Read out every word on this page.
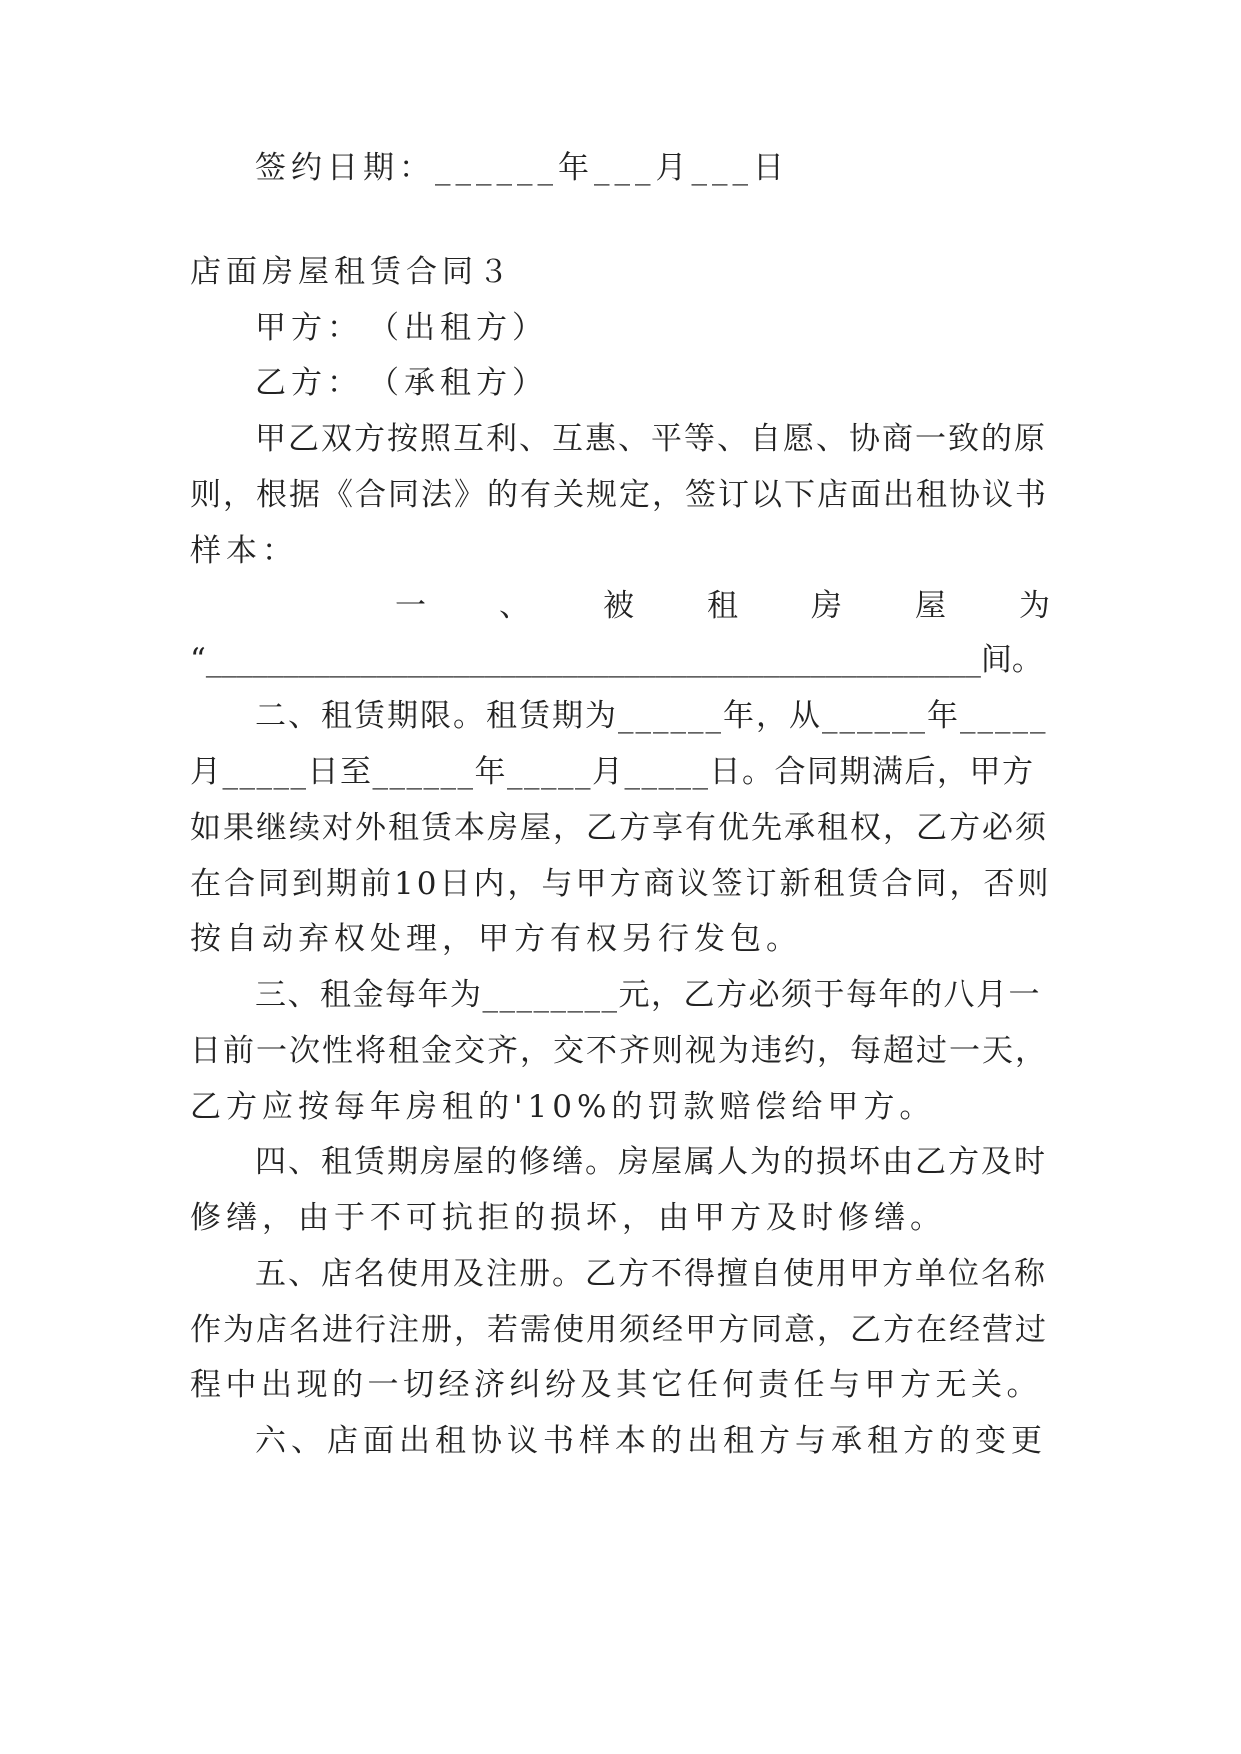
签约日期：______年___月___日
店面房屋租赁合同３
甲方：　（出租方）
乙方：　（承租方）
甲乙双方按照互利、互惠、平等、自愿、协商一致的原
则，根据《合同法》的有关规定，签订以下店面出租协议书
样本：
一 、 被 租 房 屋 为
“__________________________________________________间。
二、租赁期限。租赁期为______年，从______年_____
月_____日至______年_____月_____日。合同期满后，甲方
如果继续对外租赁本房屋，乙方享有优先承租权，乙方必须
在合同到期前10日内，与甲方商议签订新租赁合同，否则
按自动弃权处理，甲方有权另行发包。
三、租金每年为________元，乙方必须于每年的八月一
日前一次性将租金交齐，交不齐则视为违约，每超过一天，
乙方应按每年房租的'10%的罚款赔偿给甲方。
四、租赁期房屋的修缮。房屋属人为的损坏由乙方及时
修缮，由于不可抗拒的损坏，由甲方及时修缮。
五、店名使用及注册。乙方不得擅自使用甲方单位名称
作为店名进行注册，若需使用须经甲方同意，乙方在经营过
程中出现的一切经济纠纷及其它任何责任与甲方无关。
六、店面出租协议书样本的出租方与承租方的变更
